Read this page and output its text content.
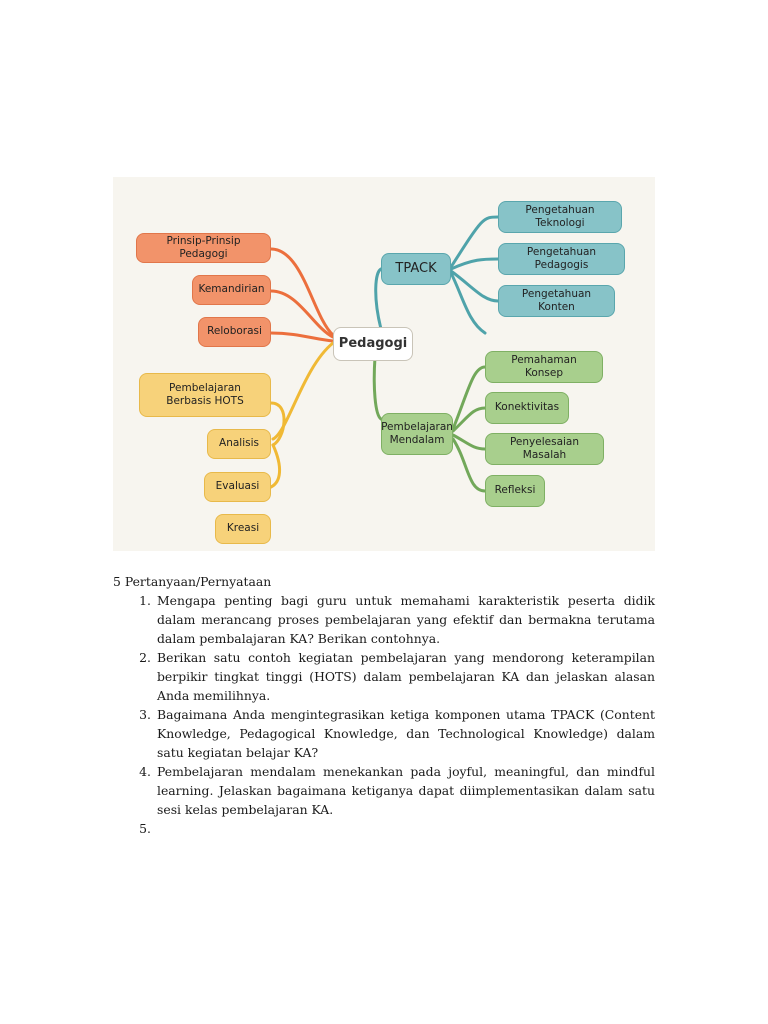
Pedagogi
Prinsip-Prinsip Pedagogi
Kemandirian
Reloborasi
Pembelajaran Berbasis HOTS
Analisis
Evaluasi
Kreasi
TPACK
Pengetahuan Teknologi
Pengetahuan Pedagogis
Pengetahuan Konten
Pembelajaran Mendalam
Pemahaman Konsep
Konektivitas
Penyelesaian Masalah
Refleksi

5 Pertanyaan/Pernyataan

1. Mengapa penting bagi guru untuk memahami karakteristik peserta didik dalam merancang proses pembelajaran yang efektif dan bermakna terutama dalam pembalajaran KA? Berikan contohnya.
2. Berikan satu contoh kegiatan pembelajaran yang mendorong keterampilan berpikir tingkat tinggi (HOTS) dalam pembelajaran KA dan jelaskan alasan Anda memilihnya.
3. Bagaimana Anda mengintegrasikan ketiga komponen utama TPACK (Content Knowledge, Pedagogical Knowledge, dan Technological Knowledge) dalam satu kegiatan belajar KA?
4. Pembelajaran mendalam menekankan pada joyful, meaningful, dan mindful learning. Jelaskan bagaimana ketiganya dapat diimplementasikan dalam satu sesi kelas pembelajaran KA.
5.
